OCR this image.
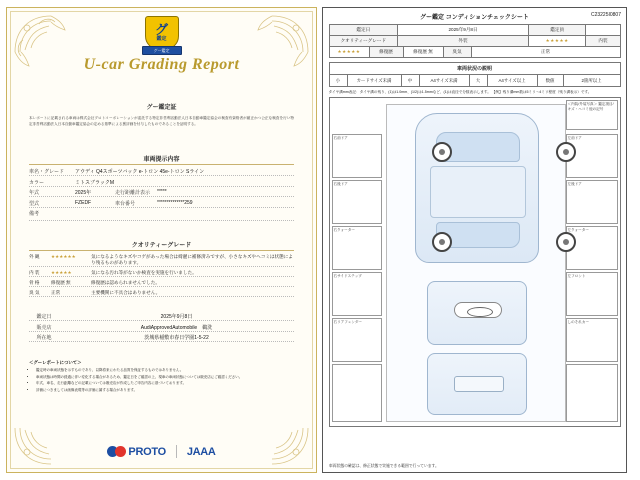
グ
鑑定
グー鑑定
U-car Grading Report
グー鑑定証
本レポートに記載される車両は株式会社プロトコーポレーションが委託する特定非営利活動法人日本自動車鑑定協会の検査有資格者が厳正かつ公正な検査を行い特定非営利活動法人日本自動車鑑定協会の定める基準による裏評価を付与したものであることを証明する。
車両提示内容
車名・グレード	アウディ Q4スポーツバック e-トロン 45e-トロン Sライン
カラー	ミトスブラックM
年式	2025年	走行距離計表示	*****
型式	FZEDF	車台番号	**************259
備考
クオリティーグレード
外 観	★★★★★★	気になるようなキズやコゲがあった場合は綺麗に補修済みですが、小さなキズやヘコミは状態により残るものがあります。
内 装	★★★★★	気になる汚れ等がないか検査を実施を行いました。
骨 格	修復歴 無	修復歴は認められませんでした。
臭 気	正常	主要機関に不具合はありません。
鑑定日	2025年9月8日
販売店	AudiApprovedAutomobile　鵜洗
所在地	茨城県稲敷市春日学園1-5-22
＜グーレポートについて＞
• 鑑定時の車両状態を示すものであり、以降将来にわたる品質を保証するものではありません。
• 車両状態は時間の経過に伴い変化する場合があるため、鑑定日をご確認の上、現車の車両状態については販売店にご確認ください。
• 年式、車名、走行距離などの記載については販売店が作成したご申告内容に基づいております。
• 評価につきましては画像表現等の評価に属する場合があります。
PROTO JAAA
グー鑑定 コンディションチェックシート	C23225I0807
鑑定日	2025年9月8日	鑑定員	
クオリティーグレード	外装	★★★★★	内装
★★★★★	修復歴	修復歴 無	臭気	正常
車両状況の説明
小	カードサイズ未満	中	A4サイズ未満	大	A4サイズ以上	数値	2箇所以上
タイヤ溝mm表記：タイヤ溝の残り、(1)は1.0mm、(1/2)は1.5mmなど、(1)は直径で分数表示します。 【例】残り溝mm数は5ミリ～4ミリ程度（残り溝表示）です。
＜内装/外装写真＞ 鑑定項目/キズ・ヘコミ他の記号
右前ドア
右後ドア
右クォーター
右サイドステップ
右リアフェンダー
左前ドア
左後ドア
左クォーター
左フロント
しのそれカー
車両状態の確認は、修正状態で実施できる範囲で行っています。
